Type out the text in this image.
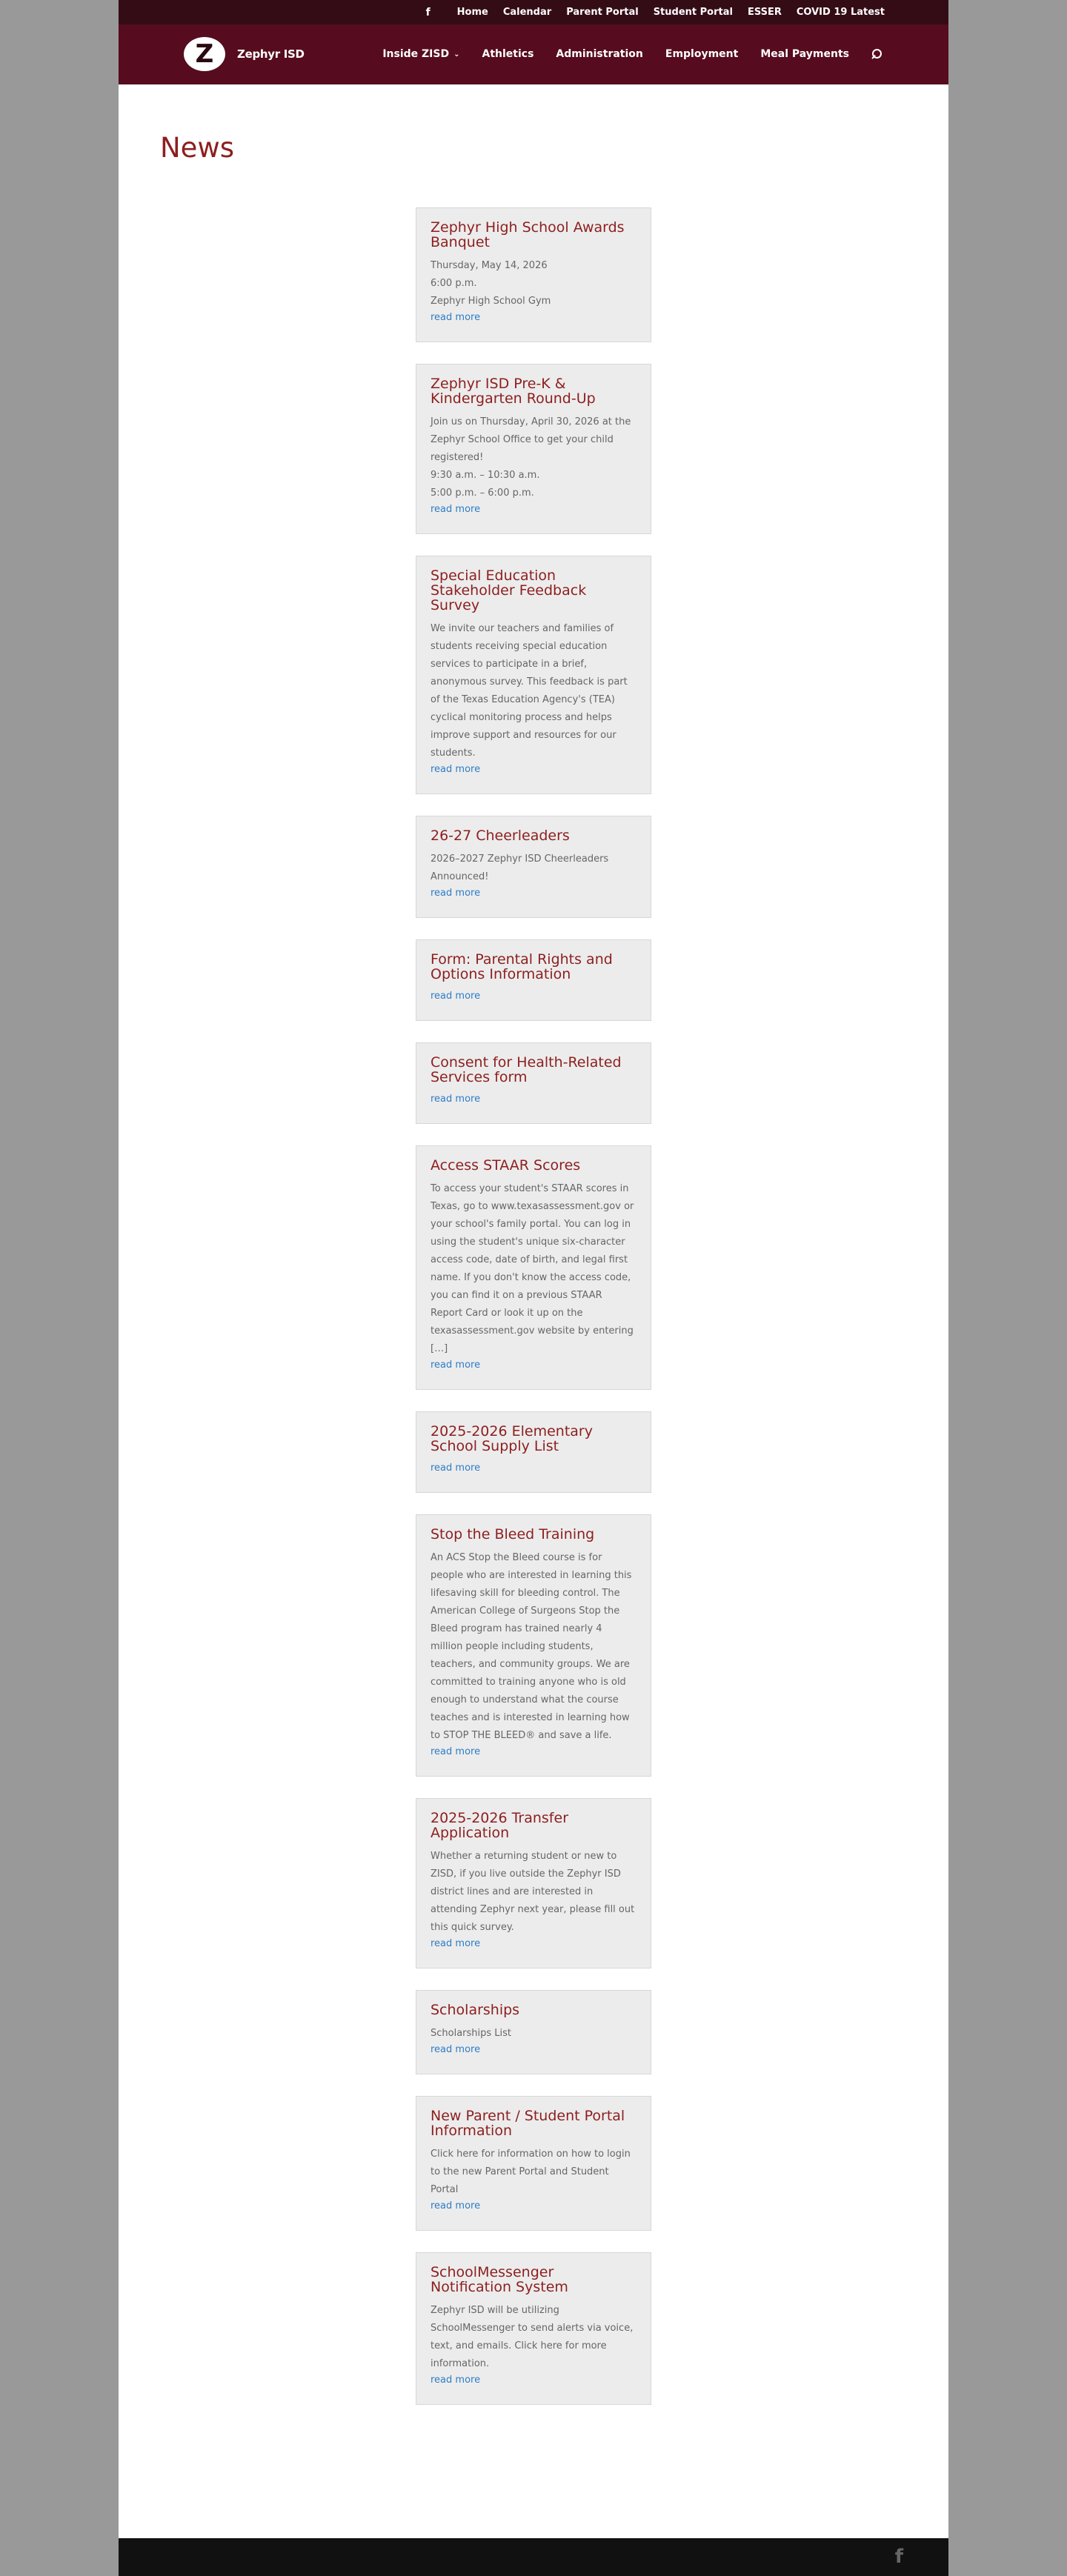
f	Home Calendar Parent Portal Student Portal ESSER COVID 19 Latest
Z Zephyr ISD	Inside ZISD ⌄ Athletics Administration Employment Meal Payments
News
Zephyr High School Awards Banquet

Thursday, May 14, 2026

6:00 p.m.

Zephyr High School Gym

read more
Zephyr ISD Pre-K & Kindergarten Round-Up

Join us on Thursday, April 30, 2026 at the Zephyr School Office to get your child registered!

9:30 a.m. – 10:30 a.m.

5:00 p.m. – 6:00 p.m.

read more
Special Education Stakeholder Feedback Survey

We invite our teachers and families of students receiving special education services to participate in a brief, anonymous survey. This feedback is part of the Texas Education Agency's (TEA) cyclical monitoring process and helps improve support and resources for our students.

read more
26-27 Cheerleaders

2026–2027 Zephyr ISD Cheerleaders Announced!

read more
Form: Parental Rights and Options Information
read more
Consent for Health-Related Services form
read more
Access STAAR Scores

To access your student's STAAR scores in Texas, go to www.texasassessment.gov or your school's family portal. You can log in using the student's unique six-character access code, date of birth, and legal first name. If you don't know the access code, you can find it on a previous STAAR Report Card or look it up on the texasassessment.gov website by entering […]

read more
2025-2026 Elementary School Supply List
read more
Stop the Bleed Training

An ACS Stop the Bleed course is for people who are interested in learning this lifesaving skill for bleeding control. The American College of Surgeons Stop the Bleed program has trained nearly 4 million people including students, teachers, and community groups. We are committed to training anyone who is old enough to understand what the course teaches and is interested in learning how to STOP THE BLEED® and save a life.

read more
2025-2026 Transfer Application

Whether a returning student or new to ZISD, if you live outside the Zephyr ISD district lines and are interested in attending Zephyr next year, please fill out this quick survey.

read more
Scholarships

Scholarships List

read more
New Parent / Student Portal Information

Click here for information on how to login to the new Parent Portal and Student Portal

read more
SchoolMessenger Notification System

Zephyr ISD will be utilizing SchoolMessenger to send alerts via voice, text, and emails. Click here for more information.

read more
f
